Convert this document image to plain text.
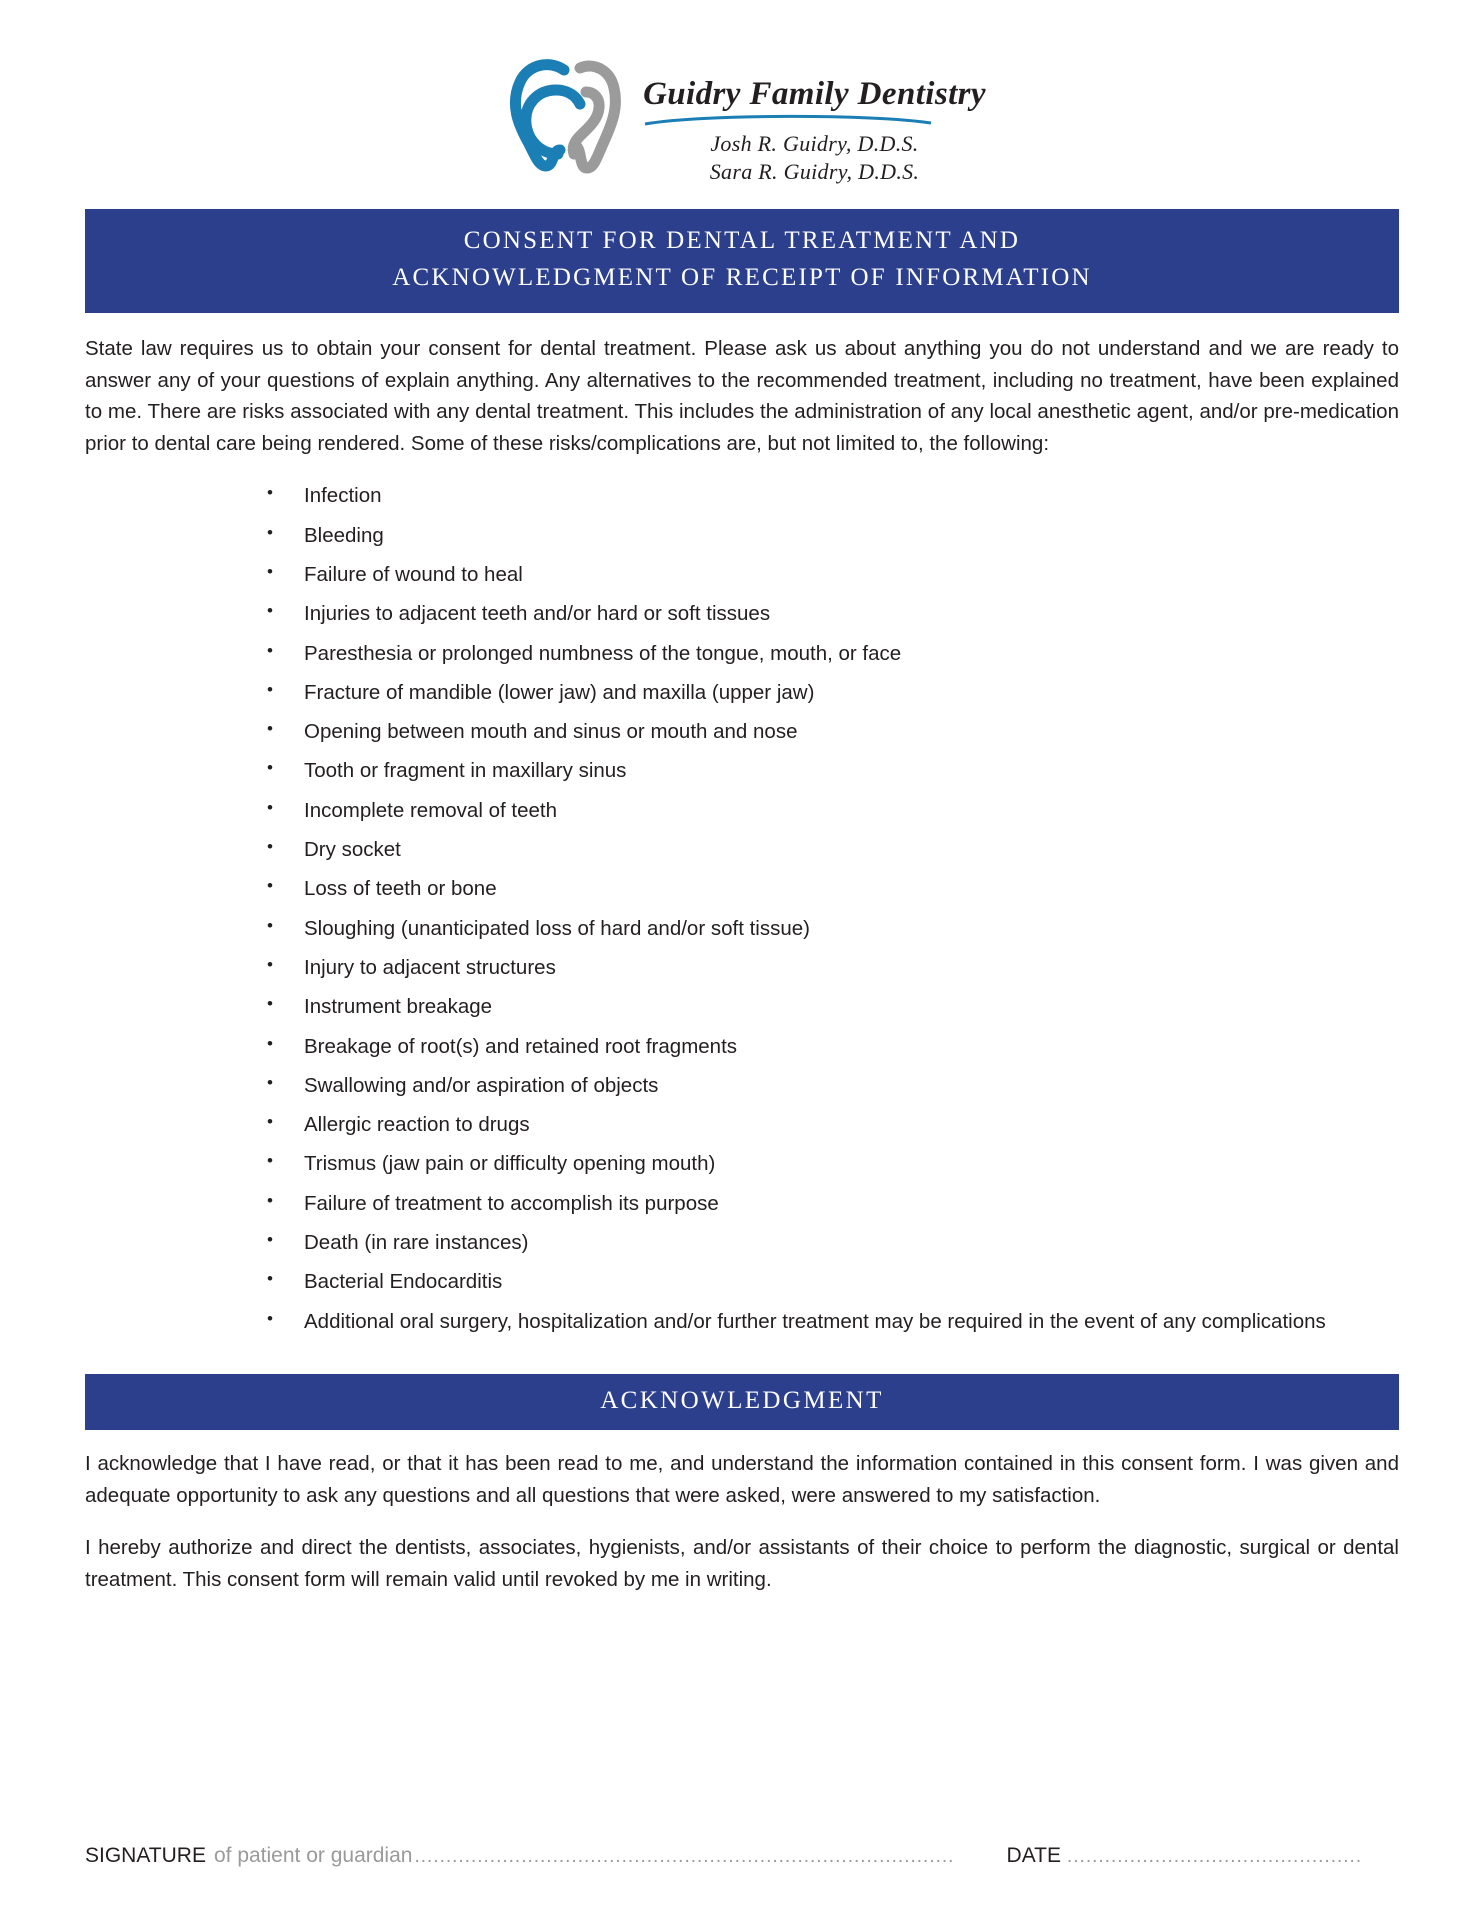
Guidry Family Dentistry
Josh R. Guidry, D.D.S.
Sara R. Guidry, D.D.S.
CONSENT FOR DENTAL TREATMENT AND
ACKNOWLEDGMENT OF RECEIPT OF INFORMATION

State law requires us to obtain your consent for dental treatment. Please ask us about anything you do not understand and we are ready to answer any of your questions of explain anything. Any alternatives to the recommended treatment, including no treatment, have been explained to me. There are risks associated with any dental treatment. This includes the administration of any local anesthetic agent, and/or pre-medication prior to dental care being rendered. Some of these risks/complications are, but not limited to, the following:

• Infection
• Bleeding
• Failure of wound to heal
• Injuries to adjacent teeth and/or hard or soft tissues
• Paresthesia or prolonged numbness of the tongue, mouth, or face
• Fracture of mandible (lower jaw) and maxilla (upper jaw)
• Opening between mouth and sinus or mouth and nose
• Tooth or fragment in maxillary sinus
• Incomplete removal of teeth
• Dry socket
• Loss of teeth or bone
• Sloughing (unanticipated loss of hard and/or soft tissue)
• Injury to adjacent structures
• Instrument breakage
• Breakage of root(s) and retained root fragments
• Swallowing and/or aspiration of objects
• Allergic reaction to drugs
• Trismus (jaw pain or difficulty opening mouth)
• Failure of treatment to accomplish its purpose
• Death (in rare instances)
• Bacterial Endocarditis
• Additional oral surgery, hospitalization and/or further treatment may be required in the event of any complications
ACKNOWLEDGMENT

I acknowledge that I have read, or that it has been read to me, and understand the information contained in this consent form. I was given and adequate opportunity to ask any questions and all questions that were asked, were answered to my satisfaction.

I hereby authorize and direct the dentists, associates, hygienists, and/or assistants of their choice to perform the diagnostic, surgical or dental treatment. This consent form will remain valid until revoked by me in writing.

SIGNATURE of patient or guardian ......................................................................................	DATE ...............................................
